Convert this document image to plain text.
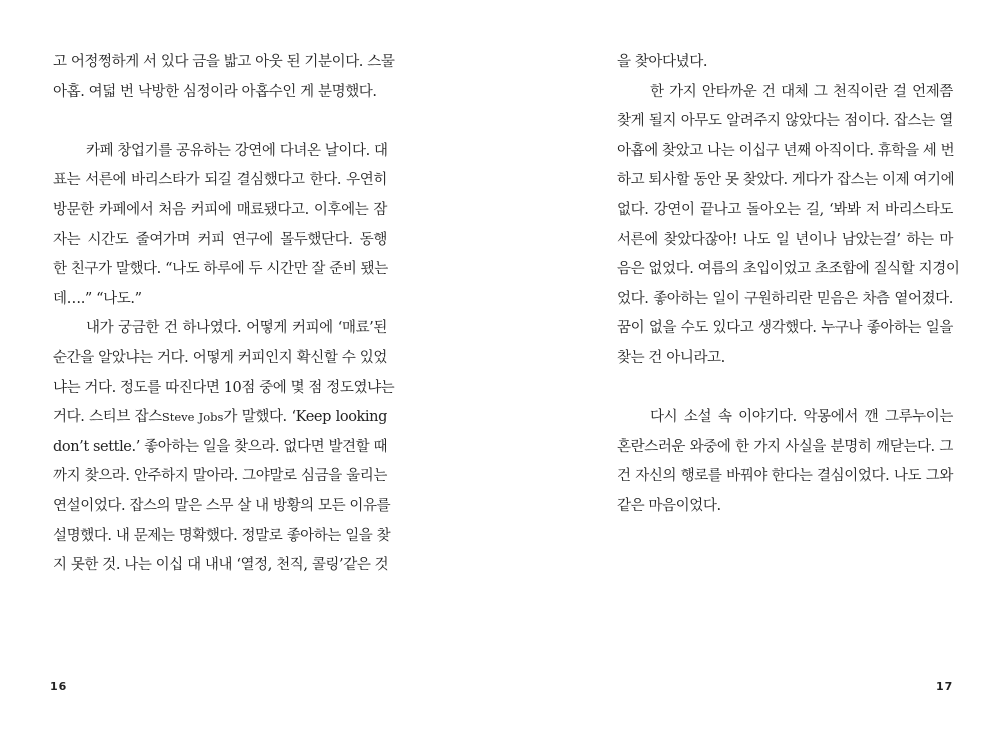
고 어정쩡하게 서 있다 금을 밟고 아웃 된 기분이다. 스물
아홉. 여덟 번 낙방한 심정이라 아홉수인 게 분명했다.
카페 창업기를 공유하는 강연에 다녀온 날이다. 대
표는 서른에 바리스타가 되길 결심했다고 한다. 우연히
방문한 카페에서 처음 커피에 매료됐다고. 이후에는 잠
자는 시간도 줄여가며 커피 연구에 몰두했단다. 동행
한 친구가 말했다. “나도 하루에 두 시간만 잘 준비 됐는
데….” “나도.”
내가 궁금한 건 하나였다. 어떻게 커피에 ‘매료’된
순간을 알았냐는 거다. 어떻게 커피인지 확신할 수 있었
냐는 거다. 정도를 따진다면 10점 중에 몇 점 정도였냐는
거다. 스티브 잡스Steve Jobs가 말했다. ‘Keep looking
don’t settle.’ 좋아하는 일을 찾으라. 없다면 발견할 때
까지 찾으라. 안주하지 말아라. 그야말로 심금을 울리는
연설이었다. 잡스의 말은 스무 살 내 방황의 모든 이유를
설명했다. 내 문제는 명확했다. 정말로 좋아하는 일을 찾
지 못한 것. 나는 이십 대 내내 ‘열정, 천직, 콜링’같은 것
16
을 찾아다녔다.
한 가지 안타까운 건 대체 그 천직이란 걸 언제쯤
찾게 될지 아무도 알려주지 않았다는 점이다. 잡스는 열
아홉에 찾았고 나는 이십구 년째 아직이다. 휴학을 세 번
하고 퇴사할 동안 못 찾았다. 게다가 잡스는 이제 여기에
없다. 강연이 끝나고 돌아오는 길, ‘봐봐 저 바리스타도
서른에 찾았다잖아! 나도 일 년이나 남았는걸’ 하는 마
음은 없었다. 여름의 초입이었고 초조함에 질식할 지경이
었다. 좋아하는 일이 구원하리란 믿음은 차츰 옅어졌다.
꿈이 없을 수도 있다고 생각했다. 누구나 좋아하는 일을
찾는 건 아니라고.
다시 소설 속 이야기다. 악몽에서 깬 그루누이는
혼란스러운 와중에 한 가지 사실을 분명히 깨닫는다. 그
건 자신의 행로를 바꿔야 한다는 결심이었다. 나도 그와
같은 마음이었다.
17
